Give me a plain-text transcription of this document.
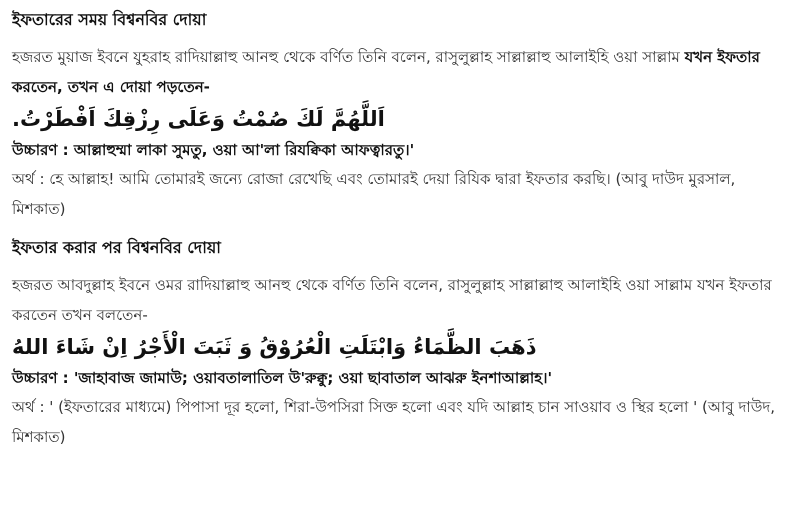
ইফতারের সময় বিশ্বনবির দোয়া

হজরত মুয়াজ ইবনে যুহরাহ রাদিয়াল্লাহু আনহু থেকে বর্ণিত তিনি বলেন, রাসুলুল্লাহ সাল্লাল্লাহু আলাইহি ওয়া সাল্লাম যখন ইফতার করতেন, তখন এ দোয়া পড়তেন-

اَللَّهُمَّ لَكَ صُمْتُ وَعَلَى رِزْقِكَ اَفْطَرْتُ.

উচ্চারণ : আল্লাহুম্মা লাকা সুমতু, ওয়া আ'লা রিযক্বিকা আফত্বারতু।'

অর্থ : হে আল্লাহ! আমি তোমারই জন্যে রোজা রেখেছি এবং তোমারই দেয়া রিযিক দ্বারা ইফতার করছি। (আবু দাউদ মুরসাল, মিশকাত)

ইফতার করার পর বিশ্বনবির দোয়া

হজরত আবদুল্লাহ ইবনে ওমর রাদিয়াল্লাহু আনহু থেকে বর্ণিত তিনি বলেন, রাসুলুল্লাহ সাল্লাল্লাহু আলাইহি ওয়া সাল্লাম যখন ইফতার করতেন তখন বলতেন-

ذَهَبَ الظَّمَاءُ وَابْتَلَتِ الْعُرُوْقُ وَ ثَبَتَ الْأَجْرُ اِنْ شَاءَ اللهُ

উচ্চারণ : 'জাহাবাজ জামাউ; ওয়াবতালাতিল উ'রুক্বু; ওয়া ছাবাতাল আঝরু ইনশাআল্লাহ।'

অর্থ : ' (ইফতারের মাধ্যমে) পিপাসা দূর হলো, শিরা-উপসিরা সিক্ত হলো এবং যদি আল্লাহ চান সাওয়াব ও স্থির হলো ' (আবু দাউদ, মিশকাত)
